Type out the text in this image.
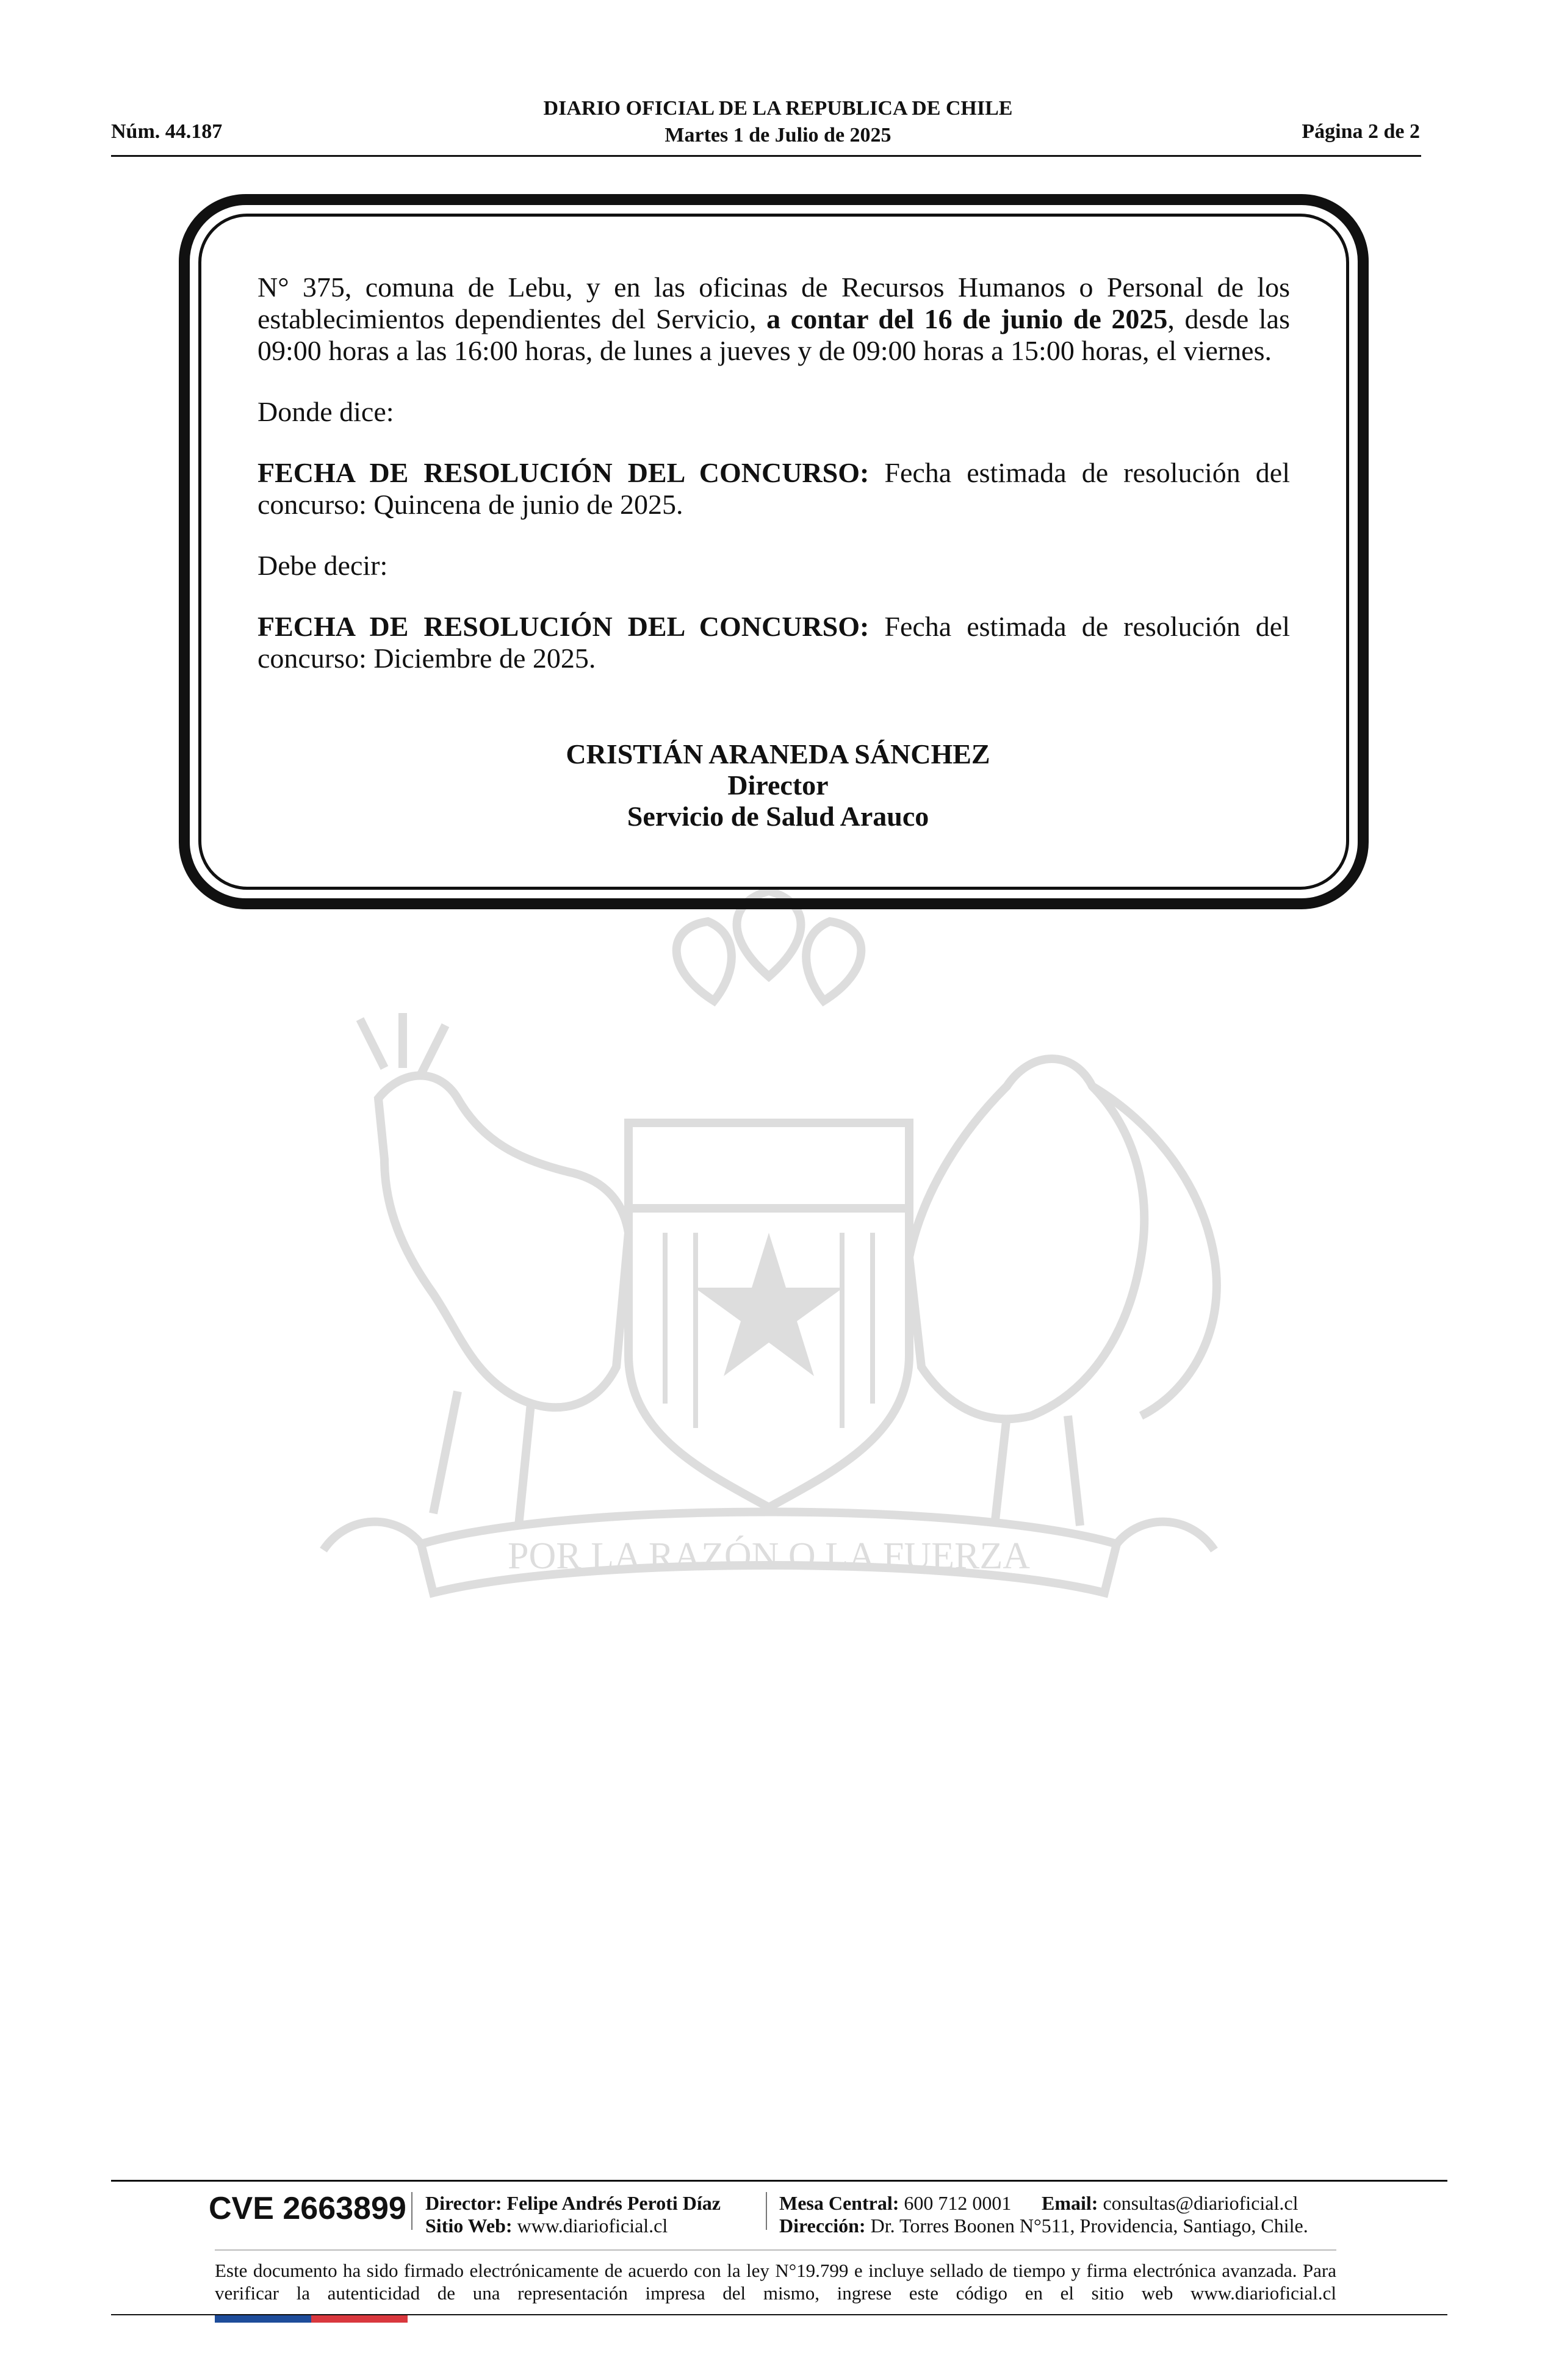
Núm. 44.187
DIARIO OFICIAL DE LA REPUBLICA DE CHILE
Martes 1 de Julio de 2025	Página 2 de 2
POR LA RAZÓN O LA FUERZA

N° 375, comuna de Lebu, y en las oficinas de Recursos Humanos o Personal de los establecimientos dependientes del Servicio, a contar del 16 de junio de 2025, desde las 09:00 horas a las 16:00 horas, de lunes a jueves y de 09:00 horas a 15:00 horas, el viernes.

Donde dice:

FECHA DE RESOLUCIÓN DEL CONCURSO: Fecha estimada de resolución del concurso: Quincena de junio de 2025.

Debe decir:

FECHA DE RESOLUCIÓN DEL CONCURSO: Fecha estimada de resolución del concurso: Diciembre de 2025.

CRISTIÁN ARANEDA SÁNCHEZ
Director
Servicio de Salud Arauco
CVE 2663899 Director: Felipe Andrés Peroti Díaz
Sitio Web: www.diarioficial.cl
Mesa Central: 600 712 0001 Email: consultas@diarioficial.cl
Dirección: Dr. Torres Boonen N°511, Providencia, Santiago, Chile.
Este documento ha sido firmado electrónicamente de acuerdo con la ley N°19.799 e incluye sellado de tiempo y firma electrónica avanzada. Para verificar la autenticidad de una representación impresa del mismo, ingrese este código en el sitio web www.diarioficial.cl
